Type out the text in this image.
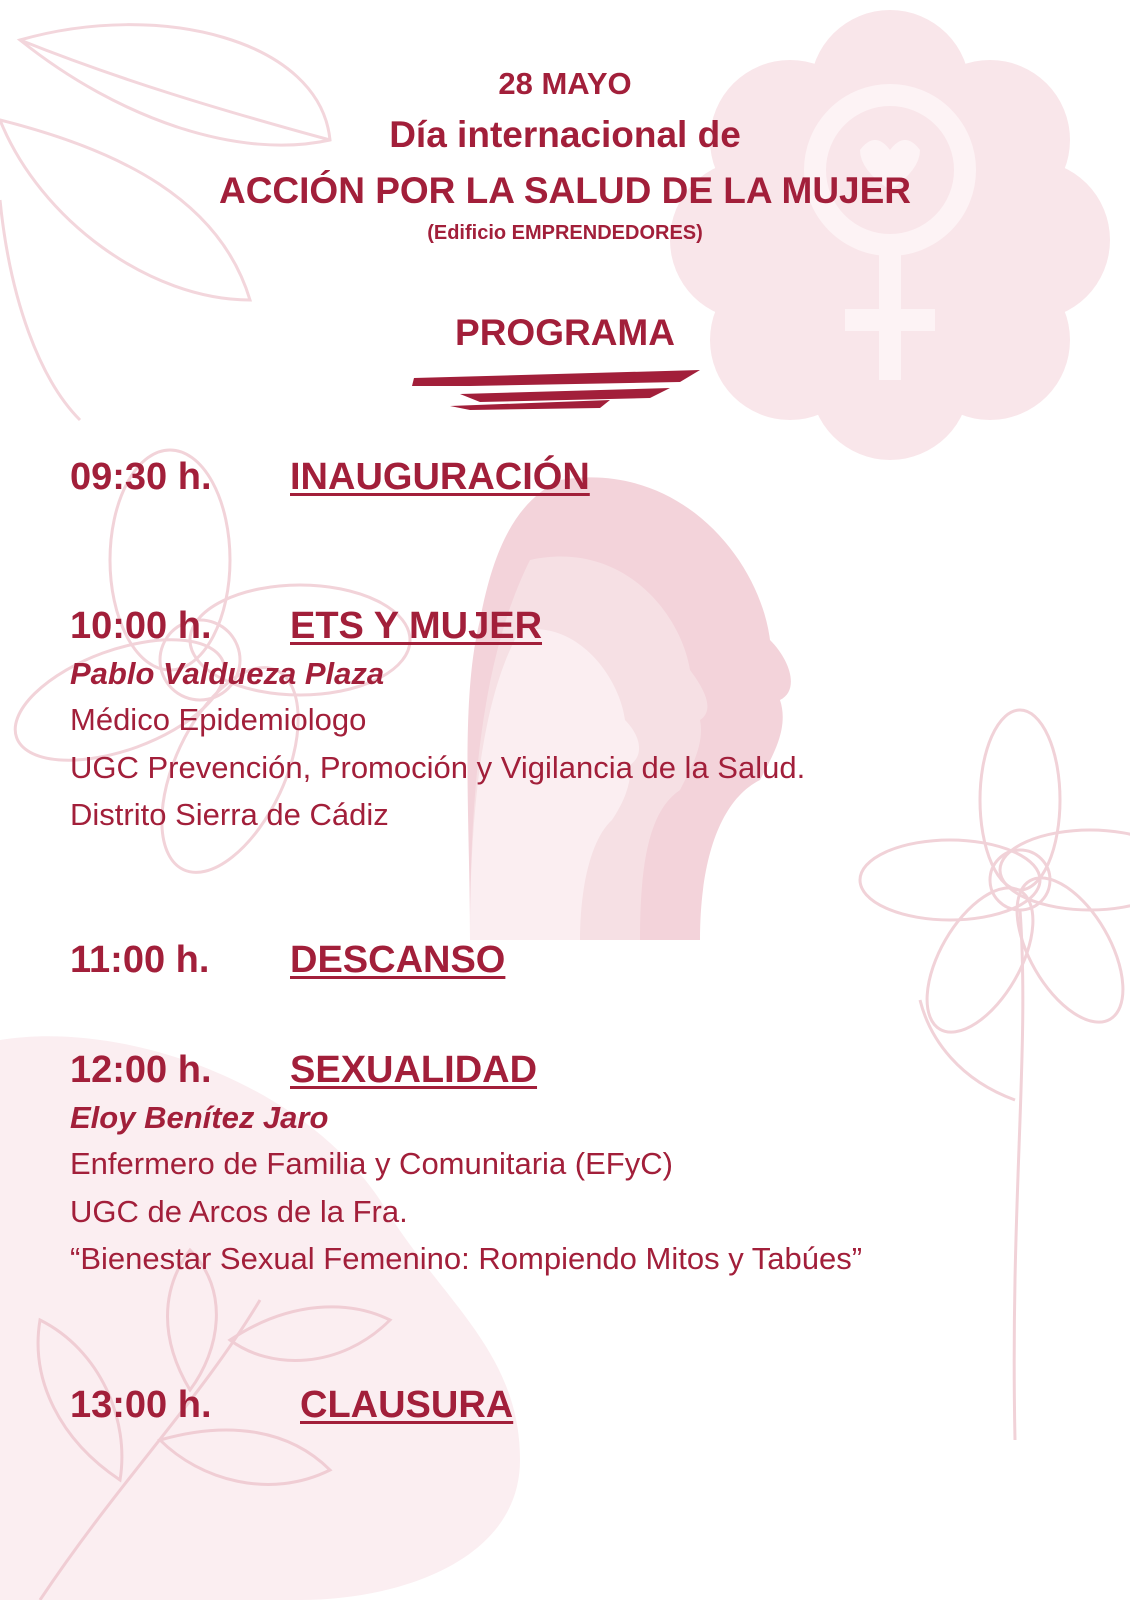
28 MAYO
Día internacional de
ACCIÓN POR LA SALUD DE LA MUJER
(Edificio EMPRENDEDORES)
PROGRAMA
09:30 h. INAUGURACIÓN
10:00 h. ETS Y MUJER
Pablo Valdueza Plaza
Médico Epidemiologo
UGC Prevención, Promoción y Vigilancia de la Salud.
Distrito Sierra de Cádiz
11:00 h. DESCANSO
12:00 h. SEXUALIDAD
Eloy Benítez Jaro
Enfermero de Familia y Comunitaria (EFyC)
UGC de Arcos de la Fra.
“Bienestar Sexual Femenino: Rompiendo Mitos y Tabúes”
13:00 h. CLAUSURA
